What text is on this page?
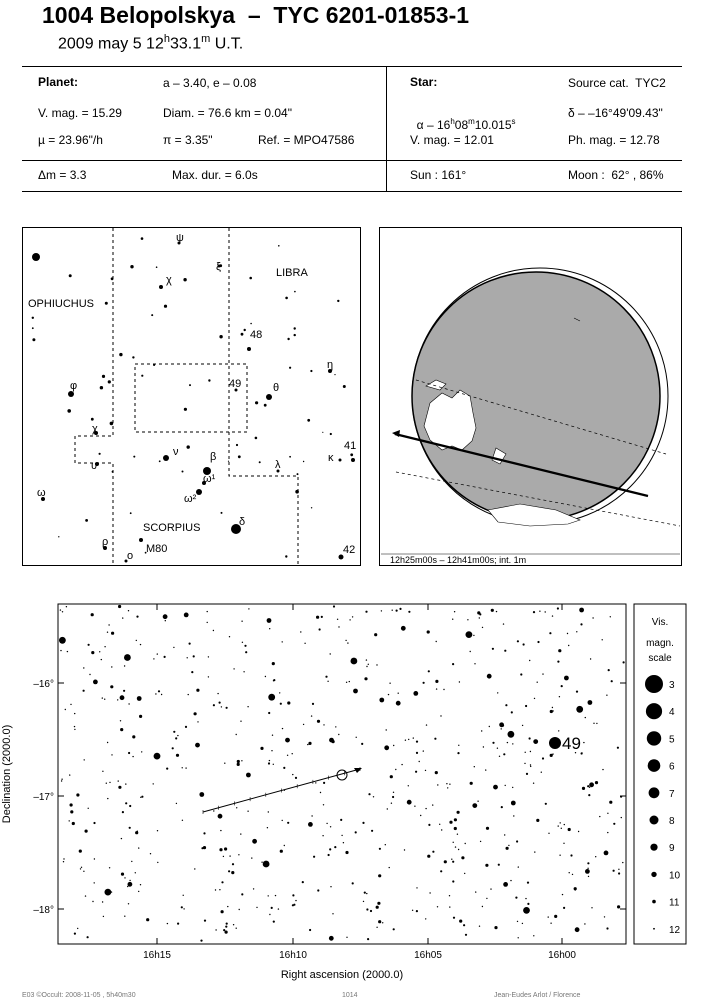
1004 Belopolskya  –  TYC 6201-01853-1
2009 may 5 12$^h$33.1$^m$ U.T.
Planet:	a – 3.40, e – 0.08
V. mag. = 15.29	Diam. = 76.6 km = 0.04"
µ = 23.96"/h	π = 3.35"	Ref. = MPO47586
Star:	Source cat.  TYC2

α – 16$^h$08$^m$10.015$^s$

δ – –16°49'09.43"
V. mag. = 12.01	Ph. mag. = 12.78
Δm = 3.3	Max. dur. = 6.0s	Sun : 161°	Moon :  62° , 86%
OPHIUCHUS
LIBRA
SCORPIUS
M80
ψ
ξ
χ
48
49
η
θ
φ
χ
υ
ν	β
ω¹
ω²
λ
κ
41
ω
δ
ρ
o	42
12h25m00s – 12h41m00s; int. 1m
16h15	16h10	16h05	16h00
–16°
–17°
–18°
Right ascension (2000.0)
Declination (2000.0)	49
Vis.
magn.
scale
3
4
5
6
7
8
9
10
11
12
E03 ©Occult: 2008-11-05 , 5h40m30	1014	Jean-Eudes Arlot / Florence
